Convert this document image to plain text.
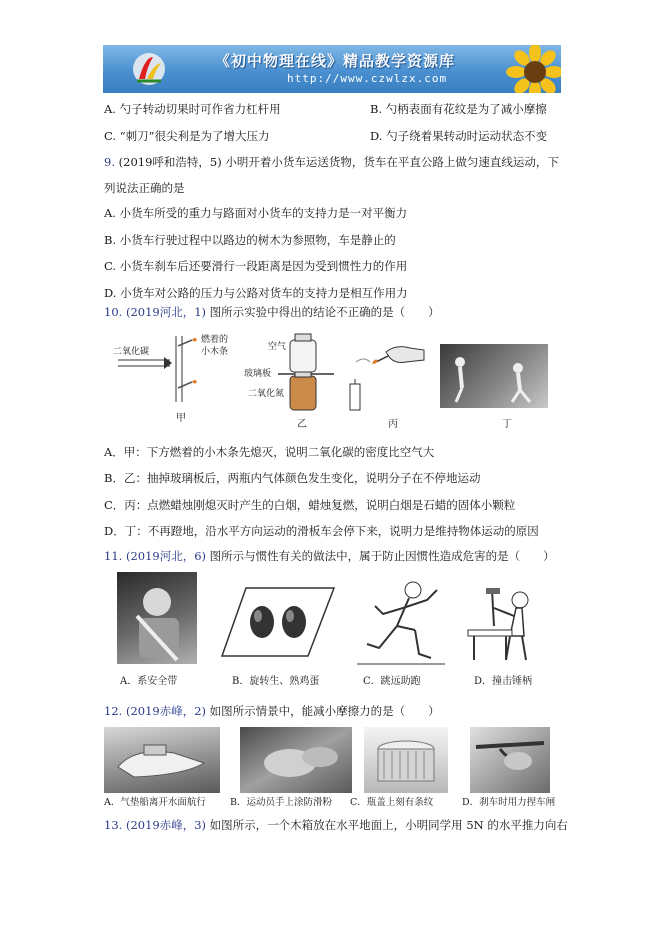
《初中物理在线》精品教学资源库
http://www.czwlzx.com
A. 勺子转动切果时可作省力杠杆用	B. 勺柄表面有花纹是为了减小摩擦
C. “刺刀”很尖利是为了增大压力	D. 勺子绕着果转动时运动状态不变
9. (2019呼和浩特，5) 小明开着小货车运送货物，货车在平直公路上做匀速直线运动，下
列说法正确的是
A. 小货车所受的重力与路面对小货车的支持力是一对平衡力
B. 小货车行驶过程中以路边的树木为参照物，车是静止的
C. 小货车刹车后还要滑行一段距离是因为受到惯性力的作用
D. 小货车对公路的压力与公路对货车的支持力是相互作用力
10. (2019河北，1) 图所示实验中得出的结论不正确的是（　　）
二氧化碳
燃着的
小木条
甲
空气
玻璃板
二氧化氮
乙	丙	丁
A．甲：下方燃着的小木条先熄灭，说明二氧化碳的密度比空气大
B．乙：抽掉玻璃板后，两瓶内气体颜色发生变化，说明分子在不停地运动
C．丙：点燃蜡烛刚熄灭时产生的白烟，蜡烛复燃，说明白烟是石蜡的固体小颗粒
D．丁：不再蹬地，沿水平方向运动的滑板车会停下来，说明力是维持物体运动的原因
11. (2019河北，6) 图所示与惯性有关的做法中，属于防止因惯性造成危害的是（　　）
A．系安全带	B．旋转生、熟鸡蛋	C．跳远助跑	D．撞击锤柄
12. (2019赤峰，2) 如图所示情景中，能减小摩擦力的是（　　）
A．气垫船离开水面航行	B．运动员手上涂防滑粉 C．瓶盖上刻有条纹	D．刹车时用力捏车闸
13. (2019赤峰，3) 如图所示，一个木箱放在水平地面上，小明同学用 5N 的水平推力向右
